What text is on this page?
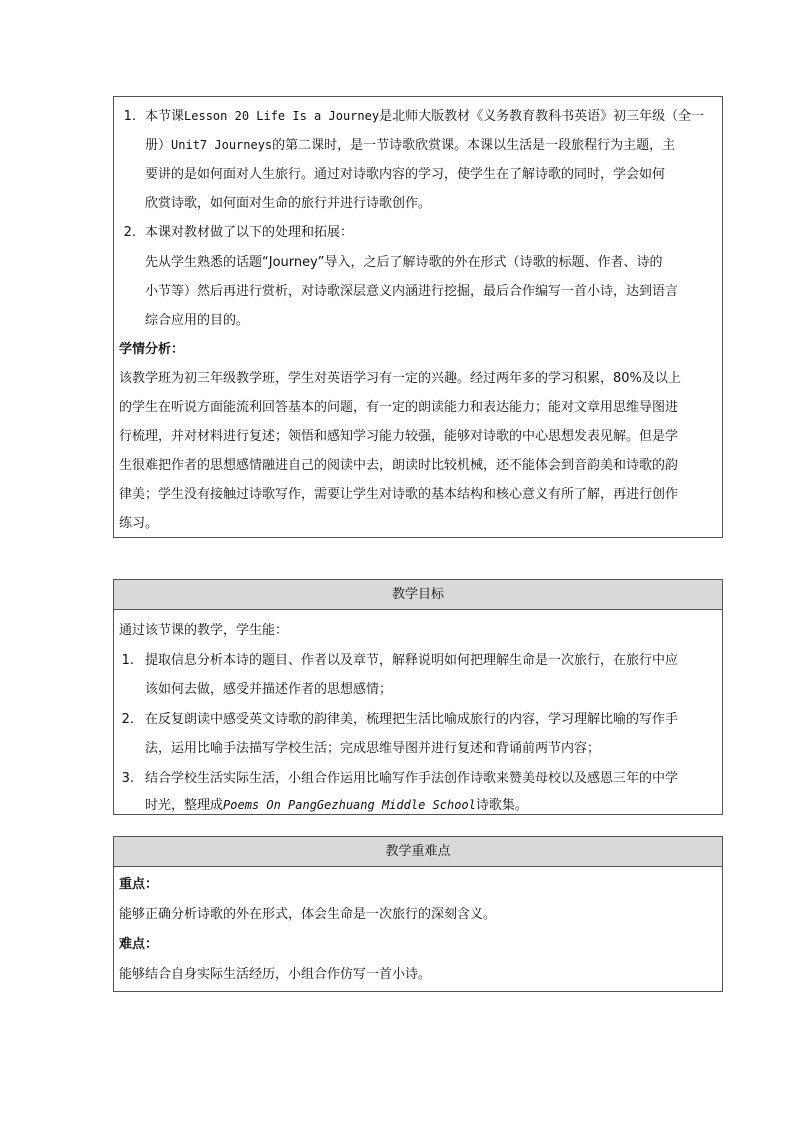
1. 本节课Lesson 20 Life Is a Journey是北师大版教材《义务教育教科书英语》初三年级（全一
册）Unit7 Journeys的第二课时，是一节诗歌欣赏课。本课以生活是一段旅程行为主题，主
要讲的是如何面对人生旅行。通过对诗歌内容的学习，使学生在了解诗歌的同时，学会如何
欣赏诗歌，如何面对生命的旅行并进行诗歌创作。
2. 本课对教材做了以下的处理和拓展：
先从学生熟悉的话题“Journey”导入，之后了解诗歌的外在形式（诗歌的标题、作者、诗的
小节等）然后再进行赏析，对诗歌深层意义内涵进行挖掘，最后合作编写一首小诗，达到语言
综合应用的目的。
学情分析：
该教学班为初三年级教学班，学生对英语学习有一定的兴趣。经过两年多的学习积累，80%及以上
的学生在听说方面能流利回答基本的问题，有一定的朗读能力和表达能力；能对文章用思维导图进
行梳理，并对材料进行复述；领悟和感知学习能力较强，能够对诗歌的中心思想发表见解。但是学
生很难把作者的思想感情融进自己的阅读中去，朗读时比较机械，还不能体会到音韵美和诗歌的韵
律美；学生没有接触过诗歌写作，需要让学生对诗歌的基本结构和核心意义有所了解，再进行创作
练习。
教学目标
通过该节课的教学，学生能：
1. 提取信息分析本诗的题目、作者以及章节，解释说明如何把理解生命是一次旅行，在旅行中应
该如何去做，感受并描述作者的思想感情；
2. 在反复朗读中感受英文诗歌的韵律美，梳理把生活比喻成旅行的内容，学习理解比喻的写作手
法，运用比喻手法描写学校生活；完成思维导图并进行复述和背诵前两节内容；
3. 结合学校生活实际生活，小组合作运用比喻写作手法创作诗歌来赞美母校以及感恩三年的中学
时光，整理成Poems On PangGezhuang Middle School诗歌集。
教学重难点
重点：
能够正确分析诗歌的外在形式，体会生命是一次旅行的深刻含义。
难点：
能够结合自身实际生活经历，小组合作仿写一首小诗。
